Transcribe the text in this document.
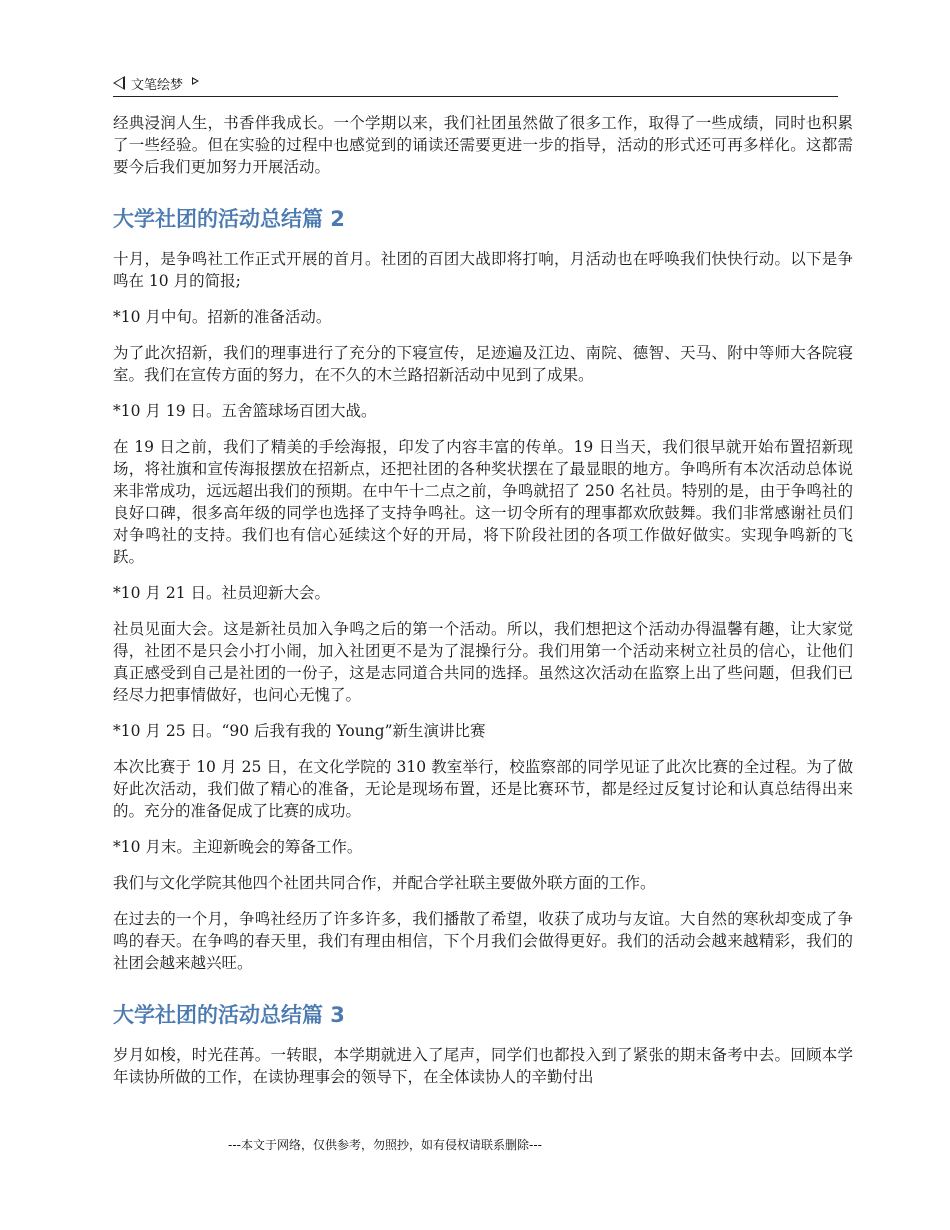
文笔绘梦

经典浸润人生，书香伴我成长。一个学期以来，我们社团虽然做了很多工作，取得了一些成绩，同时也积累了一些经验。但在实验的过程中也感觉到的诵读还需要更进一步的指导，活动的形式还可再多样化。这都需要今后我们更加努力开展活动。

大学社团的活动总结篇 2

十月，是争鸣社工作正式开展的首月。社团的百团大战即将打响，月活动也在呼唤我们快快行动。以下是争鸣在 10 月的简报;

*10 月中旬。招新的准备活动。

为了此次招新，我们的理事进行了充分的下寝宣传，足迹遍及江边、南院、德智、天马、附中等师大各院寝室。我们在宣传方面的努力，在不久的木兰路招新活动中见到了成果。

*10 月 19 日。五舍篮球场百团大战。

在 19 日之前，我们了精美的手绘海报，印发了内容丰富的传单。19 日当天，我们很早就开始布置招新现场，将社旗和宣传海报摆放在招新点，还把社团的各种奖状摆在了最显眼的地方。争鸣所有本次活动总体说来非常成功，远远超出我们的预期。在中午十二点之前，争鸣就招了 250 名社员。特别的是，由于争鸣社的良好口碑，很多高年级的同学也选择了支持争鸣社。这一切令所有的理事都欢欣鼓舞。我们非常感谢社员们对争鸣社的支持。我们也有信心延续这个好的开局，将下阶段社团的各项工作做好做实。实现争鸣新的飞跃。

*10 月 21 日。社员迎新大会。

社员见面大会。这是新社员加入争鸣之后的第一个活动。所以，我们想把这个活动办得温馨有趣，让大家觉得，社团不是只会小打小闹，加入社团更不是为了混操行分。我们用第一个活动来树立社员的信心，让他们真正感受到自己是社团的一份子，这是志同道合共同的选择。虽然这次活动在监察上出了些问题，但我们已经尽力把事情做好，也问心无愧了。

*10 月 25 日。“90 后我有我的 Young”新生演讲比赛

本次比赛于 10 月 25 日，在文化学院的 310 教室举行，校监察部的同学见证了此次比赛的全过程。为了做好此次活动，我们做了精心的准备，无论是现场布置，还是比赛环节，都是经过反复讨论和认真总结得出来的。充分的准备促成了比赛的成功。

*10 月末。主迎新晚会的筹备工作。

我们与文化学院其他四个社团共同合作，并配合学社联主要做外联方面的工作。

在过去的一个月，争鸣社经历了许多许多，我们播散了希望，收获了成功与友谊。大自然的寒秋却变成了争鸣的春天。在争鸣的春天里，我们有理由相信，下个月我们会做得更好。我们的活动会越来越精彩，我们的社团会越来越兴旺。

大学社团的活动总结篇 3

岁月如梭，时光荏苒。一转眼，本学期就进入了尾声，同学们也都投入到了紧张的期末备考中去。回顾本学年读协所做的工作，在读协理事会的领导下，在全体读协人的辛勤付出

---本文于网络，仅供参考，勿照抄，如有侵权请联系删除---
